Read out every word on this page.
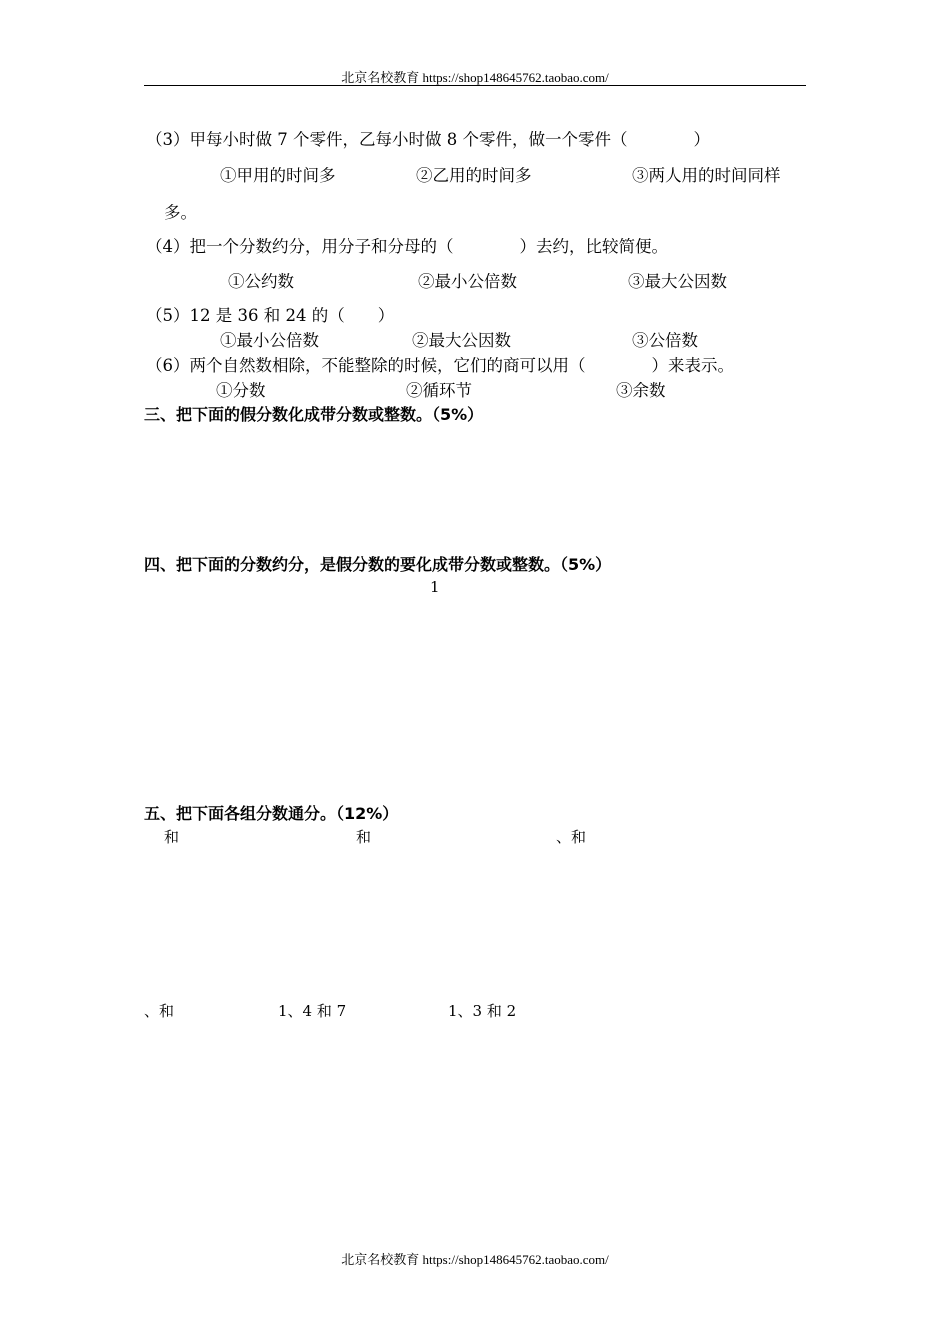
北京名校教育 https://shop148645762.taobao.com/
（3）甲每小时做 7 个零件，乙每小时做 8 个零件，做一个零件（　　　　）
①甲用的时间多	②乙用的时间多	③两人用的时间同样
多。
（4）把一个分数约分，用分子和分母的（　　　　）去约，比较简便。
①公约数	②最小公倍数	③最大公因数
（5）12 是 36 和 24 的（　　）
①最小公倍数	②最大公因数	③公倍数
（6）两个自然数相除，不能整除的时候，它们的商可以用（　　　　）来表示。
①分数	②循环节	③余数
三、把下面的假分数化成带分数或整数。（5%）
四、把下面的分数约分，是假分数的要化成带分数或整数。（5%）
1
五、把下面各组分数通分。（12%）
和	和	、和
、和	1、4 和 7	1、3 和 2
北京名校教育 https://shop148645762.taobao.com/
